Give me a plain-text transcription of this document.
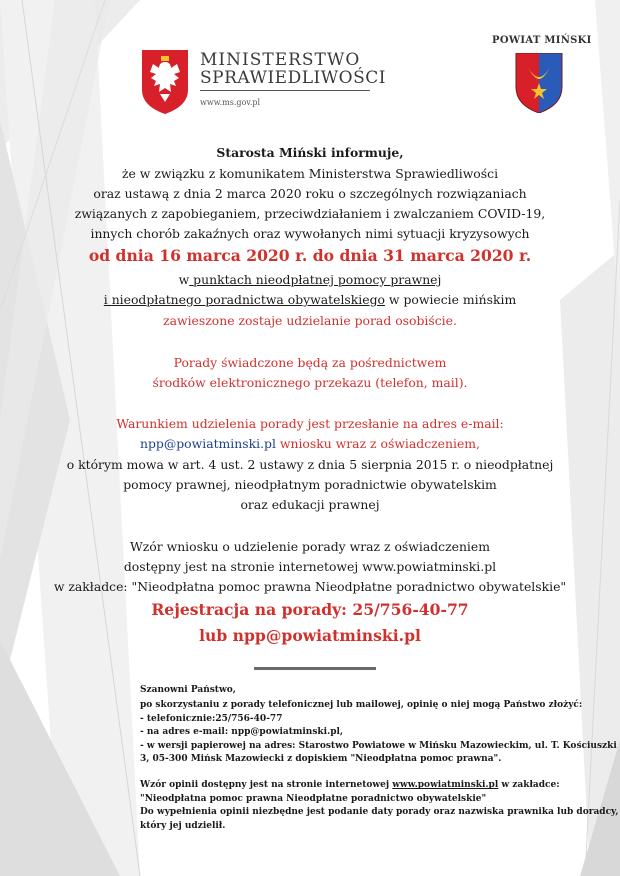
MINISTERSTWO
SPRAWIEDLIWOŚCI
www.ms.gov.pl
POWIAT MIŃSKI
Starosta Miński informuje,
że w związku z komunikatem Ministerstwa Sprawiedliwości
oraz ustawą z dnia 2 marca 2020 roku o szczególnych rozwiązaniach
związanych z zapobieganiem, przeciwdziałaniem i zwalczaniem COVID-19,
innych chorób zakaźnych oraz wywołanych nimi sytuacji kryzysowych
od dnia 16 marca 2020 r. do dnia 31 marca 2020 r.
w punktach nieodpłatnej pomocy prawnej
i nieodpłatnego poradnictwa obywatelskiego w powiecie mińskim
zawieszone zostaje udzielanie porad osobiście.
Porady świadczone będą za pośrednictwem
środków elektronicznego przekazu (telefon, mail).
Warunkiem udzielenia porady jest przesłanie na adres e-mail:
npp@powiatminski.pl wniosku wraz z oświadczeniem,
o którym mowa w art. 4 ust. 2 ustawy z dnia 5 sierpnia 2015 r. o nieodpłatnej
pomocy prawnej, nieodpłatnym poradnictwie obywatelskim
oraz edukacji prawnej
Wzór wniosku o udzielenie porady wraz z oświadczeniem
dostępny jest na stronie internetowej www.powiatminski.pl
w zakładce: "Nieodpłatna pomoc prawna Nieodpłatne poradnictwo obywatelskie"
Rejestracja na porady: 25/756-40-77
lub npp@powiatminski.pl
Szanowni Państwo,
po skorzystaniu z porady telefonicznej lub mailowej, opinię o niej mogą Państwo złożyć:
- telefonicznie:25/756-40-77
- na adres e-mail: npp@powiatminski.pl,
- w wersji papierowej na adres: Starostwo Powiatowe w Mińsku Mazowieckim, ul. T. Kościuszki
3, 05-300 Mińsk Mazowiecki z dopiskiem "Nieodpłatna pomoc prawna".
Wzór opinii dostępny jest na stronie internetowej www.powiatminski.pl w zakładce:
"Nieodpłatna pomoc prawna Nieodpłatne poradnictwo obywatelskie"
Do wypełnienia opinii niezbędne jest podanie daty porady oraz nazwiska prawnika lub doradcy,
który jej udzielił.
